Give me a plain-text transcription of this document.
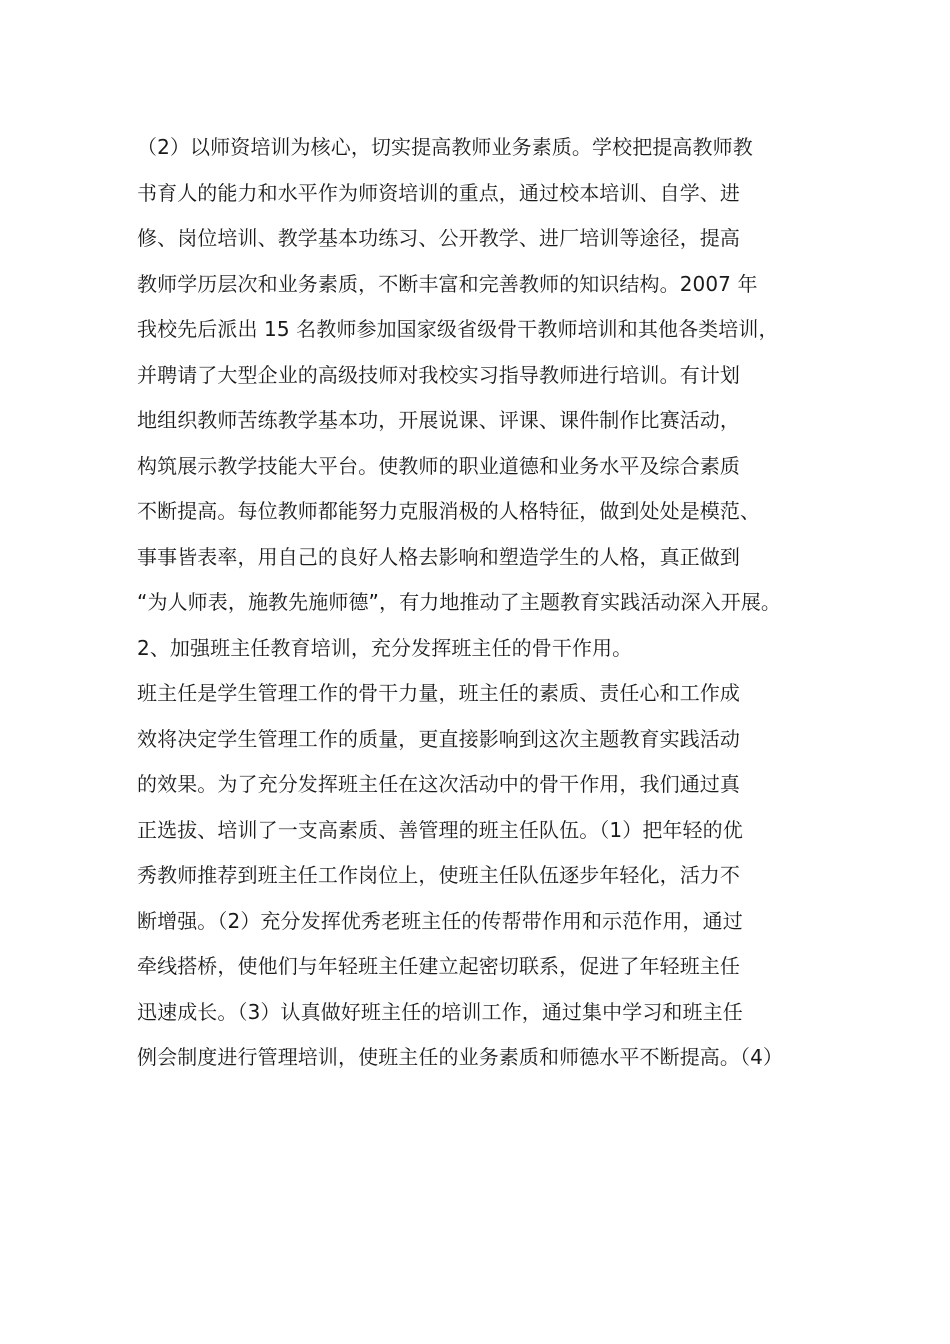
（2）以师资培训为核心，切实提高教师业务素质。学校把提高教师教
书育人的能力和水平作为师资培训的重点，通过校本培训、自学、进
修、岗位培训、教学基本功练习、公开教学、进厂培训等途径，提高
教师学历层次和业务素质，不断丰富和完善教师的知识结构。2007 年
我校先后派出 15 名教师参加国家级省级骨干教师培训和其他各类培训，
并聘请了大型企业的高级技师对我校实习指导教师进行培训。有计划
地组织教师苦练教学基本功，开展说课、评课、课件制作比赛活动，
构筑展示教学技能大平台。使教师的职业道德和业务水平及综合素质
不断提高。每位教师都能努力克服消极的人格特征，做到处处是模范、
事事皆表率，用自己的良好人格去影响和塑造学生的人格，真正做到
“为人师表，施教先施师德”，有力地推动了主题教育实践活动深入开展。
2、加强班主任教育培训，充分发挥班主任的骨干作用。
班主任是学生管理工作的骨干力量，班主任的素质、责任心和工作成
效将决定学生管理工作的质量，更直接影响到这次主题教育实践活动
的效果。为了充分发挥班主任在这次活动中的骨干作用，我们通过真
正选拔、培训了一支高素质、善管理的班主任队伍。（1）把年轻的优
秀教师推荐到班主任工作岗位上，使班主任队伍逐步年轻化，活力不
断增强。（2）充分发挥优秀老班主任的传帮带作用和示范作用，通过
牵线搭桥，使他们与年轻班主任建立起密切联系，促进了年轻班主任
迅速成长。（3）认真做好班主任的培训工作，通过集中学习和班主任
例会制度进行管理培训，使班主任的业务素质和师德水平不断提高。（4）
